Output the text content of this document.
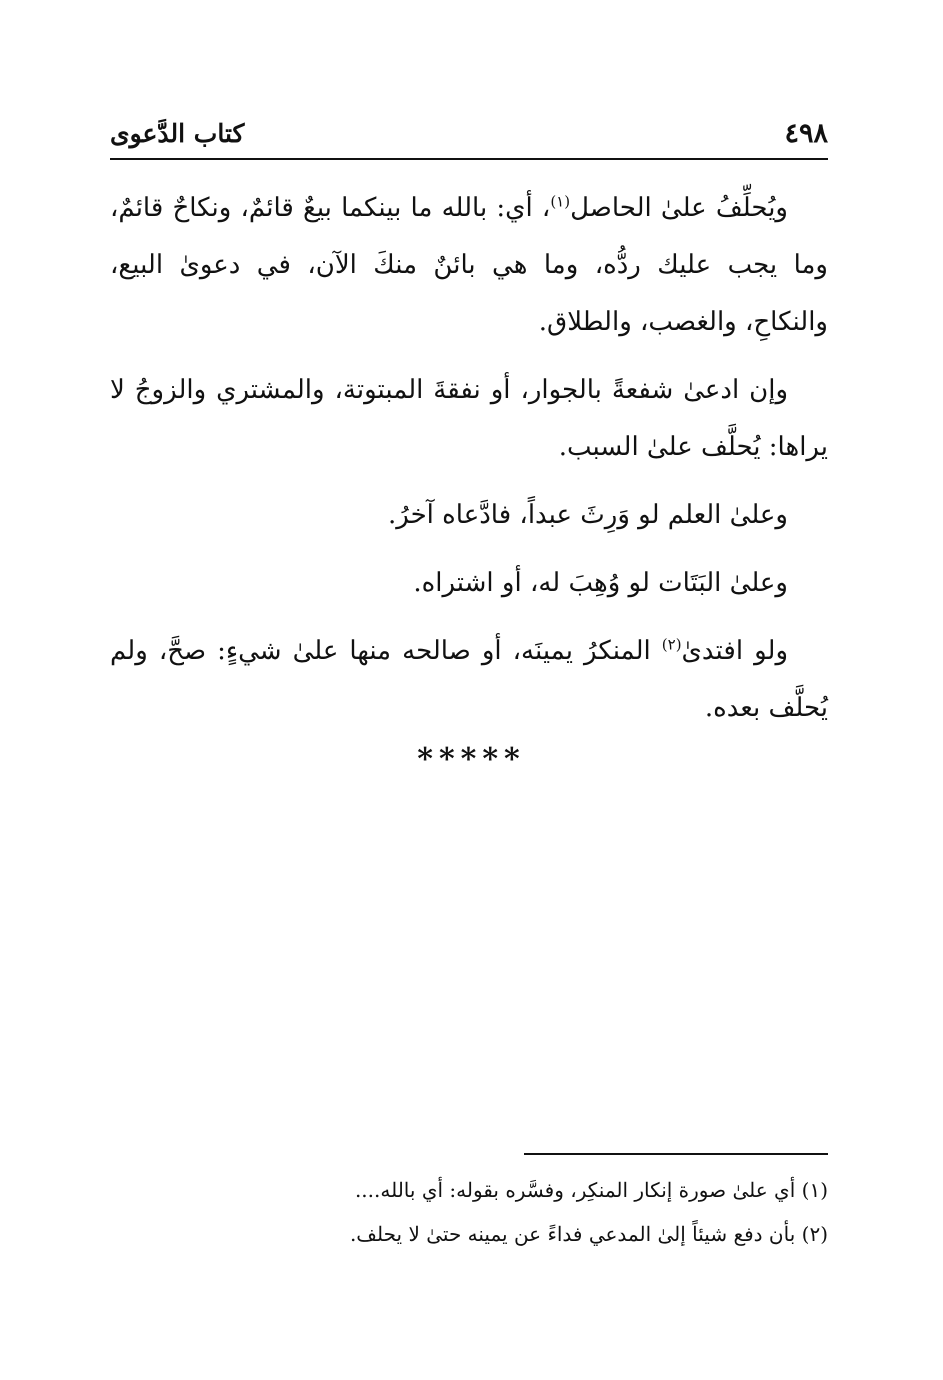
٤٩٨
كتاب الدَّعوى

ويُحلِّفُ علىٰ الحاصل$^{(١)}$، أي: بالله ما بينكما بيعٌ قائمٌ، ونكاحٌ قائمٌ، وما يجب عليك ردُّه، وما هي بائنٌ منكَ الآن، في دعوىٰ البيع، والنكاحِ، والغصب، والطلاق.

وإن ادعىٰ شفعةً بالجوار، أو نفقةَ المبتوتة، والمشتري والزوجُ لا يراها: يُحلَّف علىٰ السبب.

وعلىٰ العلم لو وَرِثَ عبداً، فادَّعاه آخرُ.

وعلىٰ البَتَات لو وُهِبَ له، أو اشتراه.

ولو افتدىٰ$^{(٢)}$ المنكرُ يمينَه، أو صالحه منها علىٰ شيءٍ: صحَّ، ولم يُحلَّف بعده.

*****

(١) أي علىٰ صورة إنكار المنكِر، وفسَّره بقوله: أي بالله....

(٢) بأن دفع شيئاً إلىٰ المدعي فداءً عن يمينه حتىٰ لا يحلف.
